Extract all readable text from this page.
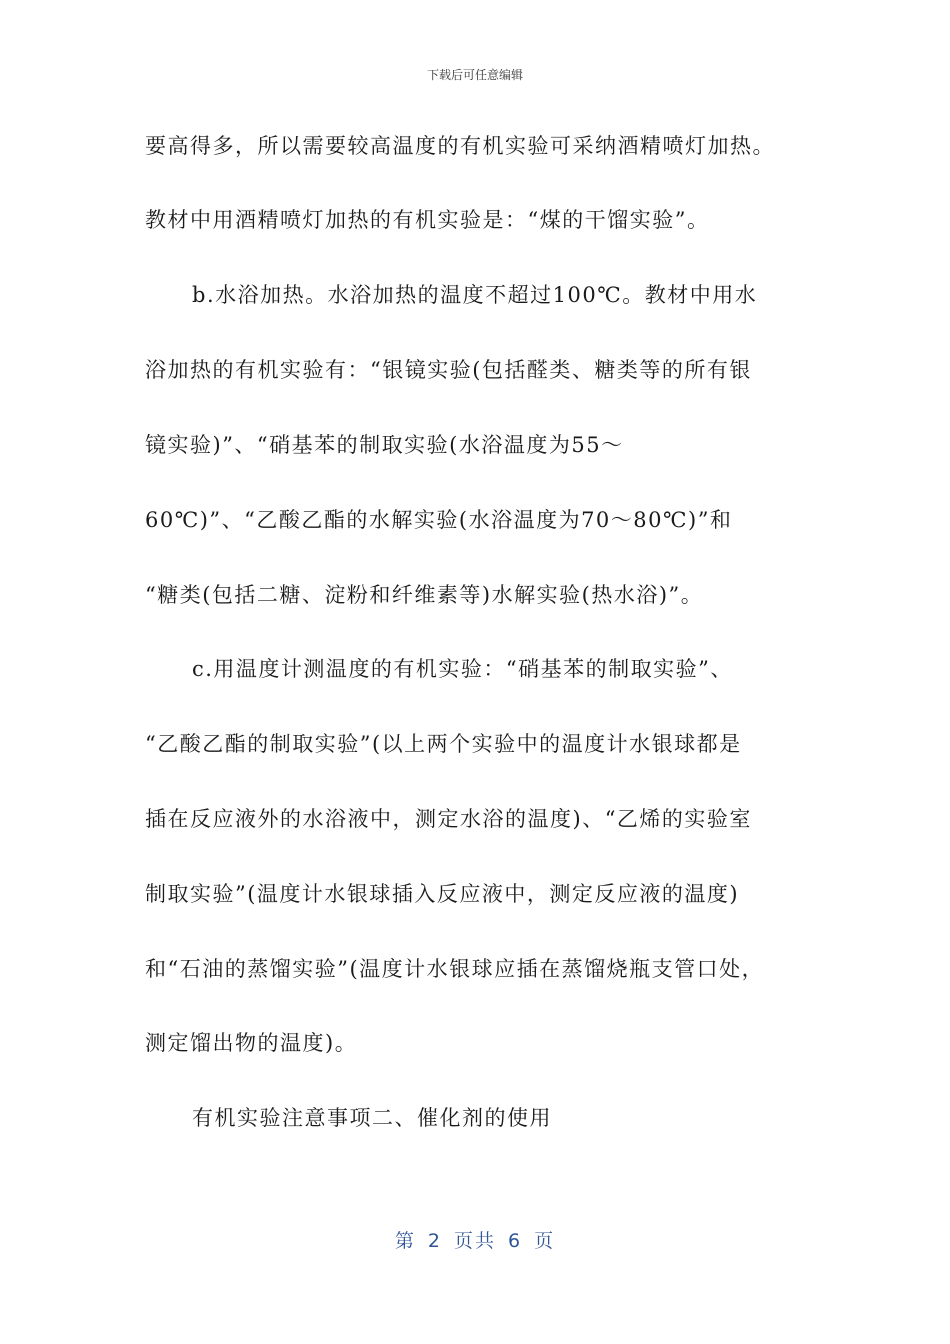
下载后可任意编辑
要高得多，所以需要较高温度的有机实验可采纳酒精喷灯加热。
教材中用酒精喷灯加热的有机实验是：“煤的干馏实验”。
b.水浴加热。水浴加热的温度不超过100℃。教材中用水
浴加热的有机实验有：“银镜实验(包括醛类、糖类等的所有银
镜实验)”、“硝基苯的制取实验(水浴温度为55～
60℃)”、“乙酸乙酯的水解实验(水浴温度为70～80℃)”和
“糖类(包括二糖、淀粉和纤维素等)水解实验(热水浴)”。
c.用温度计测温度的有机实验：“硝基苯的制取实验”、
“乙酸乙酯的制取实验”(以上两个实验中的温度计水银球都是
插在反应液外的水浴液中，测定水浴的温度)、“乙烯的实验室
制取实验”(温度计水银球插入反应液中，测定反应液的温度)
和“石油的蒸馏实验”(温度计水银球应插在蒸馏烧瓶支管口处，
测定馏出物的温度)。
有机实验注意事项二、催化剂的使用
第 2 页共 6 页
